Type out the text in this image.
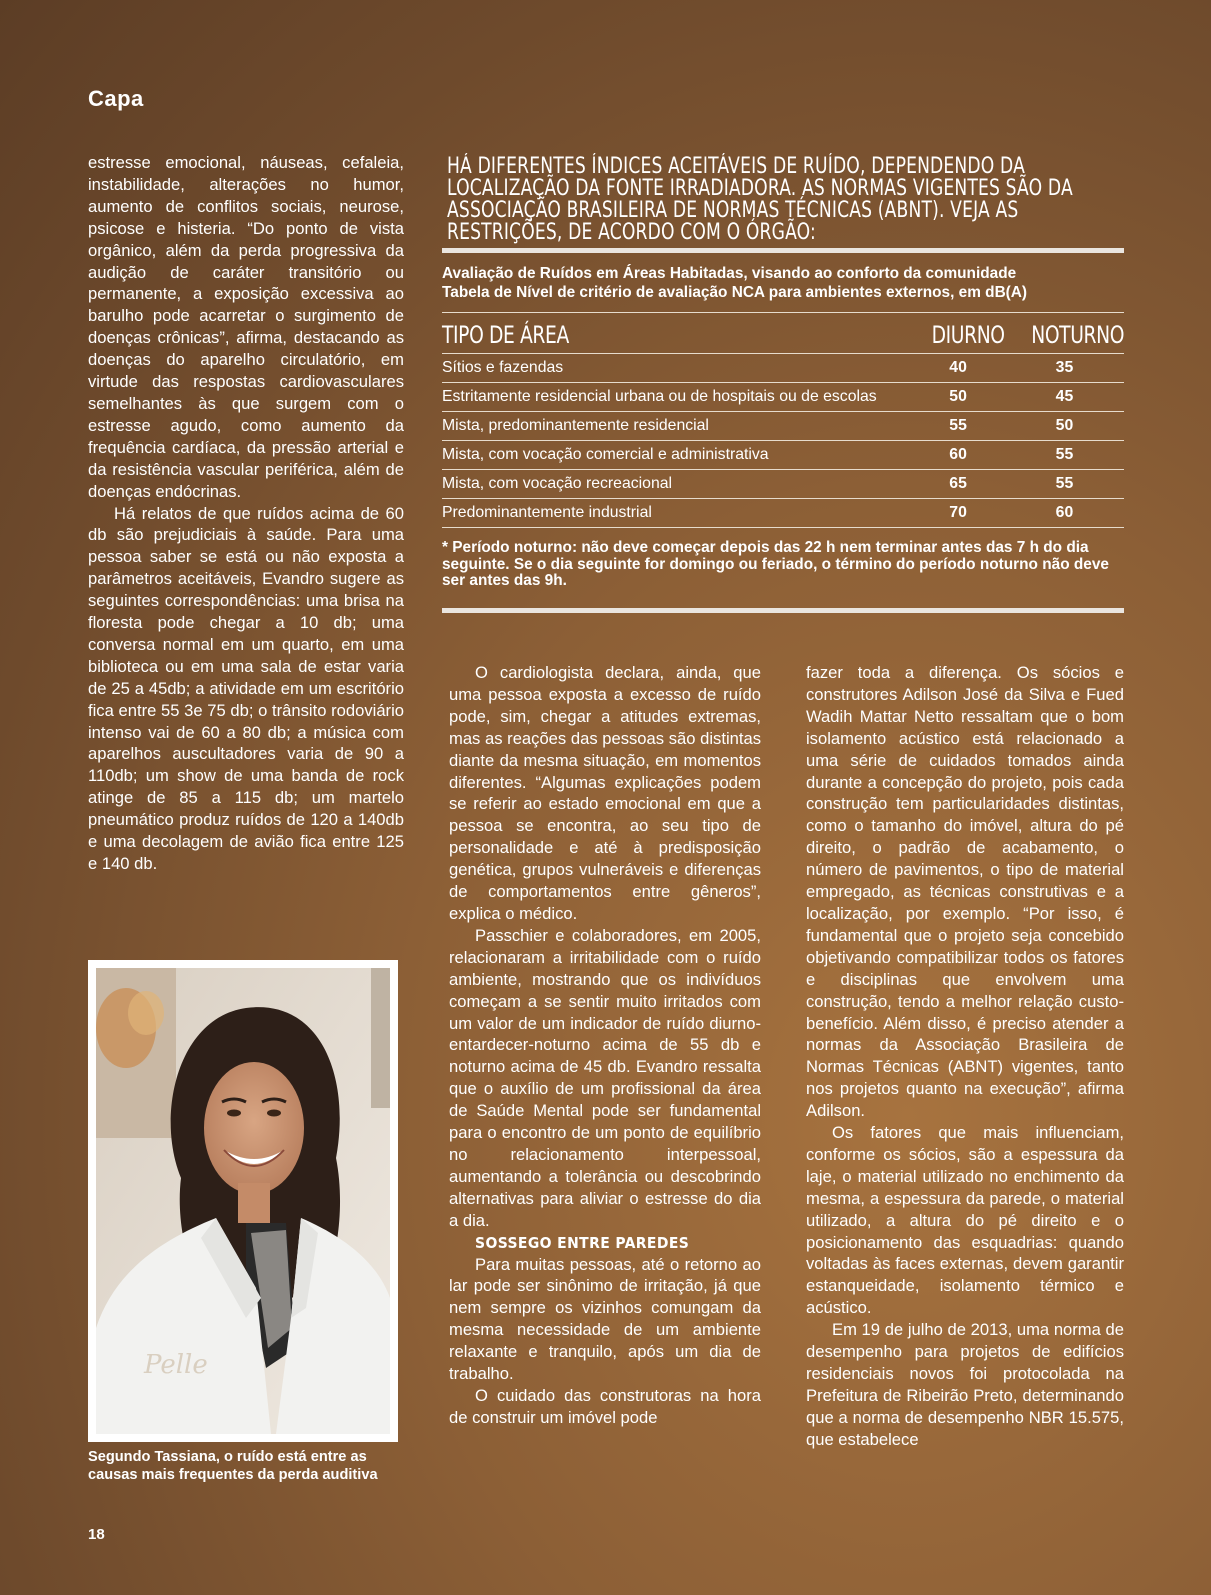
Capa

estresse emocional, náuseas, cefaleia, instabilidade, alterações no humor, aumento de conflitos sociais, neurose, psicose e histeria. “Do ponto de vista orgânico, além da perda progressiva da audição de caráter transitório ou permanente, a exposição excessiva ao barulho pode acarretar o surgimento de doenças crônicas”, afirma, destacando as doenças do aparelho circulatório, em virtude das respostas cardiovasculares semelhantes às que surgem com o estresse agudo, como aumento da frequência cardíaca, da pressão arterial e da resistência vascular periférica, além de doenças endócrinas.

Há relatos de que ruídos acima de 60 db são prejudiciais à saúde. Para uma pessoa saber se está ou não exposta a parâmetros aceitáveis, Evandro sugere as seguintes correspondências: uma brisa na floresta pode chegar a 10 db; uma conversa normal em um quarto, em uma biblioteca ou em uma sala de estar varia de 25 a 45db; a atividade em um escritório fica entre 55 3e 75 db; o trânsito rodoviário intenso vai de 60 a 80 db; a música com aparelhos auscultadores varia de 90 a 110db; um show de uma banda de rock atinge de 85 a 115 db; um martelo pneumático produz ruídos de 120 a 140db e uma decolagem de avião fica entre 125 e 140 db.

Pelle
Segundo Tassiana, o ruído está entre as causas mais frequentes da perda auditiva
HÁ DIFERENTES ÍNDICES ACEITÁVEIS DE RUÍDO, DEPENDENDO DA LOCALIZAÇÃO DA FONTE IRRADIADORA. AS NORMAS VIGENTES SÃO DA ASSOCIAÇÃO BRASILEIRA DE NORMAS TÉCNICAS (ABNT). VEJA AS RESTRIÇÕES, DE ACORDO COM O ÓRGÃO:
Avaliação de Ruídos em Áreas Habitadas, visando ao conforto da comunidade
Tabela de Nível de critério de avaliação NCA para ambientes externos, em dB(A)
TIPO DE ÁREA	DIURNO	NOTURNO
Sítios e fazendas	40	35
Estritamente residencial urbana ou de hospitais ou de escolas	50	45
Mista, predominantemente residencial	55	50
Mista, com vocação comercial e administrativa	60	55
Mista, com vocação recreacional	65	55
Predominantemente industrial	70	60
* Período noturno: não deve começar depois das 22 h nem terminar antes das 7 h do dia seguinte. Se o dia seguinte for domingo ou feriado, o término do período noturno não deve ser antes das 9h.

O cardiologista declara, ainda, que uma pessoa exposta a excesso de ruído pode, sim, chegar a atitudes extremas, mas as reações das pessoas são distintas diante da mesma situação, em momentos diferentes. “Algumas explicações podem se referir ao estado emocional em que a pessoa se encontra, ao seu tipo de personalidade e até à predisposição genética, grupos vulneráveis e diferenças de comportamentos entre gêneros”, explica o médico.

Passchier e colaboradores, em 2005, relacionaram a irritabilidade com o ruído ambiente, mostrando que os indivíduos começam a se sentir muito irritados com um valor de um indicador de ruído diurno-entardecer-noturno acima de 55 db e noturno acima de 45 db. Evandro ressalta que o auxílio de um profissional da área de Saúde Mental pode ser fundamental para o encontro de um ponto de equilíbrio no relacionamento interpessoal, aumentando a tolerância ou descobrindo alternativas para aliviar o estresse do dia a dia.

SOSSEGO ENTRE PAREDES

Para muitas pessoas, até o retorno ao lar pode ser sinônimo de irritação, já que nem sempre os vizinhos comungam da mesma necessidade de um ambiente relaxante e tranquilo, após um dia de trabalho.

O cuidado das construtoras na hora de construir um imóvel pode

fazer toda a diferença. Os sócios e construtores Adilson José da Silva e Fued Wadih Mattar Netto ressaltam que o bom isolamento acústico está relacionado a uma série de cuidados tomados ainda durante a concepção do projeto, pois cada construção tem particularidades distintas, como o tamanho do imóvel, altura do pé direito, o padrão de acabamento, o número de pavimentos, o tipo de material empregado, as técnicas construtivas e a localização, por exemplo. “Por isso, é fundamental que o projeto seja concebido objetivando compatibilizar todos os fatores e disciplinas que envolvem uma construção, tendo a melhor relação custo-benefício. Além disso, é preciso atender a normas da Associação Brasileira de Normas Técnicas (ABNT) vigentes, tanto nos projetos quanto na execução”, afirma Adilson.

Os fatores que mais influenciam, conforme os sócios, são a espessura da laje, o material utilizado no enchimento da mesma, a espessura da parede, o material utilizado, a altura do pé direito e o posicionamento das esquadrias: quando voltadas às faces externas, devem garantir estanqueidade, isolamento térmico e acústico.

Em 19 de julho de 2013, uma norma de desempenho para projetos de edifícios residenciais novos foi protocolada na Prefeitura de Ribeirão Preto, determinando que a norma de desempenho NBR 15.575, que estabelece

18
